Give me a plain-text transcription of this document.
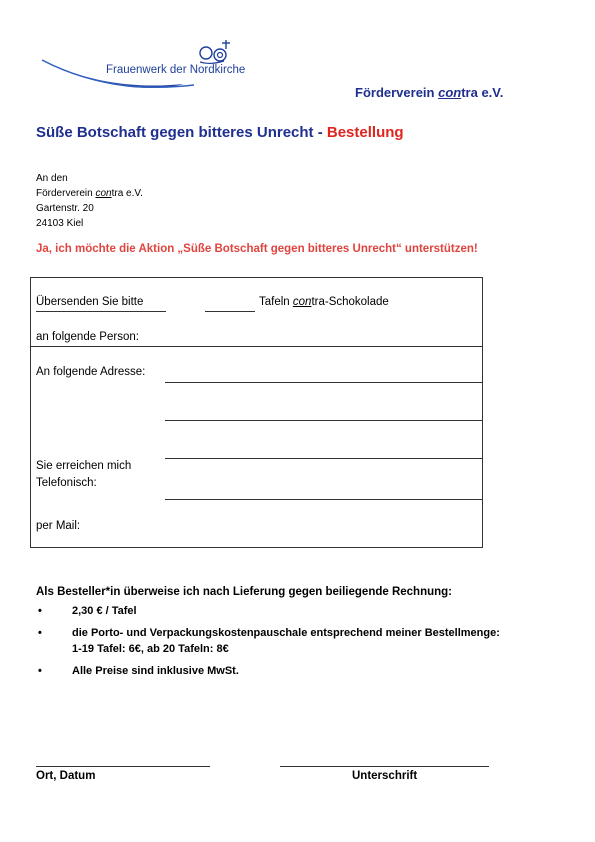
Frauenwerk der Nordkirche
Förderverein contra e.V.
Süße Botschaft gegen bitteres Unrecht - Bestellung
An den
Förderverein contra e.V.
Gartenstr. 20
24103 Kiel
Ja, ich möchte die Aktion „Süße Botschaft gegen bitteres Unrecht“ unterstützen!
Übersenden Sie bitte	Tafeln contra-Schokolade
an folgende Person:
An folgende Adresse:
Sie erreichen mich
Telefonisch:
per Mail:
Als Besteller*in überweise ich nach Lieferung gegen beiliegende Rechnung:
•	2,30 € / Tafel
•	die Porto- und Verpackungskostenpauschale entsprechend meiner Bestellmenge:
1-19 Tafel: 6€, ab 20 Tafeln: 8€
•	Alle Preise sind inklusive MwSt.
Ort, Datum	Unterschrift
